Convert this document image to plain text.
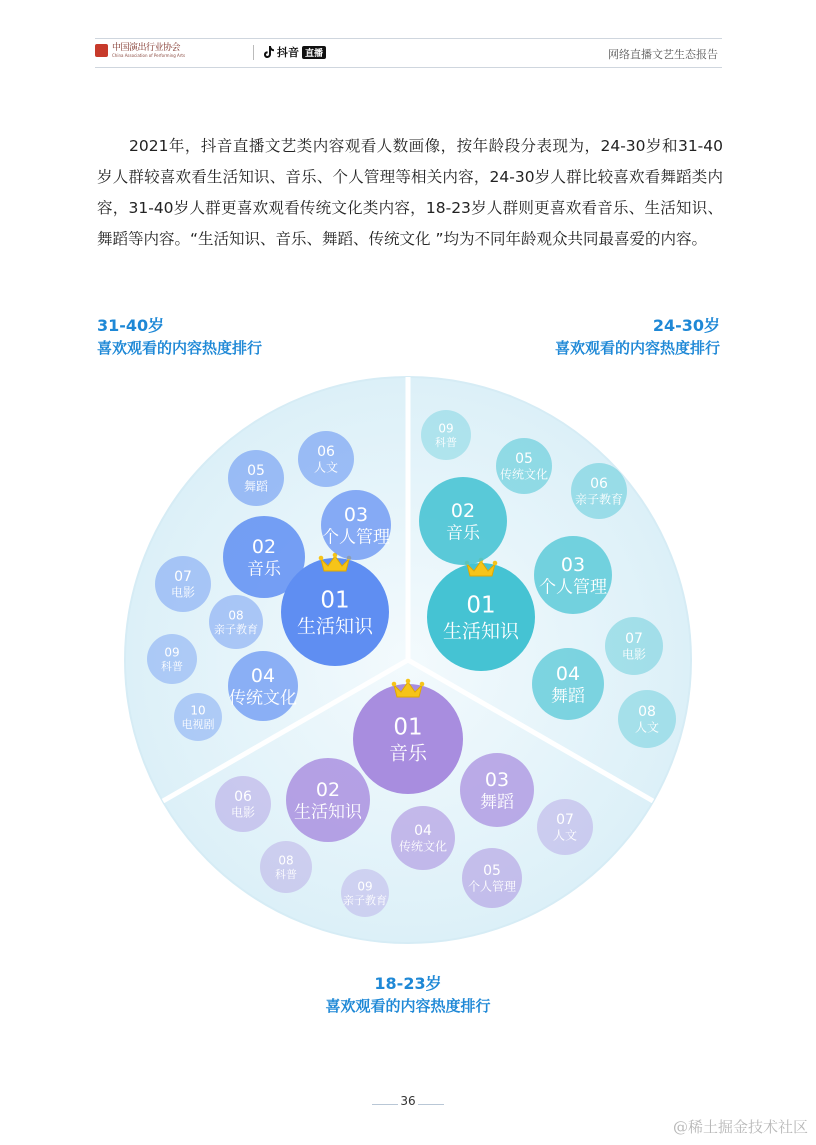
中国演出行业协会
China Association of Performing Arts	抖音 直播	网络直播文艺生态报告

2021年，抖音直播文艺类内容观看人数画像，按年龄段分表现为，24-30岁和31-40岁人群较喜欢看生活知识、音乐、个人管理等相关内容，24-30岁人群比较喜欢看舞蹈类内容，31-40岁人群更喜欢观看传统文化类内容，18-23岁人群则更喜欢看音乐、生活知识、舞蹈等内容。“生活知识、音乐、舞蹈、传统文化 ”均为不同年龄观众共同最喜爱的内容。

31-40岁
喜欢观看的内容热度排行
24-30岁
喜欢观看的内容热度排行
18-23岁
喜欢观看的内容热度排行
01
生活知识
02
音乐
03
个人管理
04
传统文化
05
舞蹈
06
人文
07
电影
08
亲子教育
09
科普
10
电视剧
01
生活知识
02
音乐
03
个人管理
04
舞蹈
05
传统文化
06
亲子教育
07
电影
08
人文
09
科普
01
音乐
02
生活知识
03
舞蹈
04
传统文化
05
个人管理
06
电影	07
人文
08
科普
09
亲子教育
36
@稀土掘金技术社区
